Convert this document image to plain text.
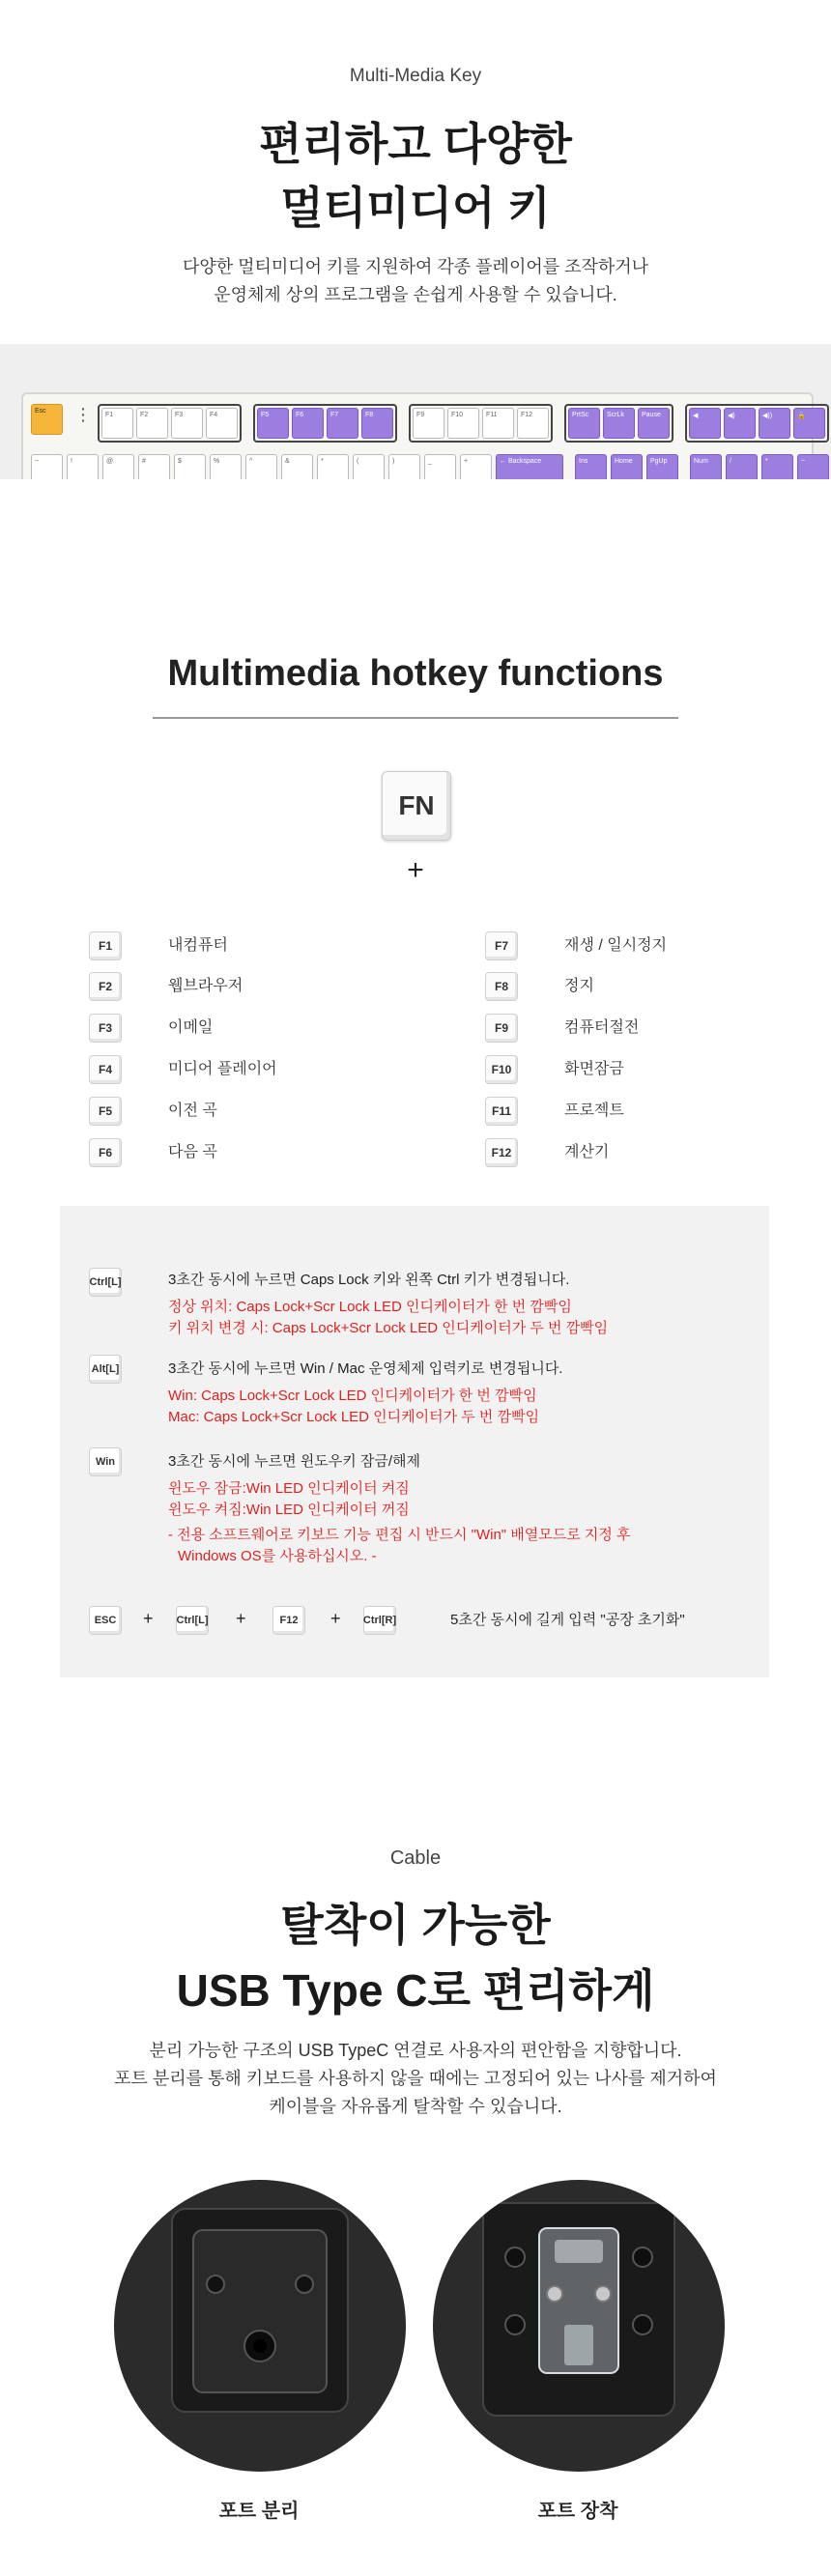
Multi-Media Key
편리하고 다양한
멀티미디어 키
다양한 멀티미디어 키를 지원하여 각종 플레이어를 조작하거나
운영체제 상의 프로그램을 손쉽게 사용할 수 있습니다.
Esc	⋮	F1	F2	F3	F4	F5	F6	F7	F8	F9	F10	F11	F12	PrtSc	ScrLk	Pause	◀	◀)	◀))	🔒
~	!	@	#	$	%	^	&	*	(	)	_	+	← Backspace	Ins	Home	PgUp	Num	/	*	−
Multimedia hotkey functions
FN
+
F1	내컴퓨터
F2	웹브라우저
F3	이메일
F4	미디어 플레이어
F5	이전 곡
F6	다음 곡
F7	재생 / 일시정지
F8	정지
F9	컴퓨터절전
F10	화면잠금
F11	프로젝트
F12	계산기
Ctrl[L]	3초간 동시에 누르면 Caps Lock 키와 왼쪽 Ctrl 키가 변경됩니다.
정상 위치: Caps Lock+Scr Lock LED 인디케이터가 한 번 깜빡임
키 위치 변경 시: Caps Lock+Scr Lock LED 인디케이터가 두 번 깜빡임
Alt[L]	3초간 동시에 누르면 Win / Mac 운영체제 입력키로 변경됩니다.
Win: Caps Lock+Scr Lock LED 인디케이터가 한 번 깜빡임
Mac: Caps Lock+Scr Lock LED 인디케이터가 두 번 깜빡임
Win	3초간 동시에 누르면 윈도우키 잠금/해제
윈도우 잠금:Win LED 인디케이터 켜짐
윈도우 켜짐:Win LED 인디케이터 꺼짐
- 전용 소프트웨어로 키보드 기능 편집 시 반드시 "Win" 배열모드로 지정 후
Windows OS를 사용하십시오. -
ESC	+ Ctrl[L] +	F12	+ Ctrl[R]	5초간 동시에 길게 입력 "공장 초기화"
Cable
탈착이 가능한
USB Type C로 편리하게
분리 가능한 구조의 USB TypeC 연결로 사용자의 편안함을 지향합니다.
포트 분리를 통해 키보드를 사용하지 않을 때에는 고정되어 있는 나사를 제거하여
케이블을 자유롭게 탈착할 수 있습니다.
포트 분리	포트 장착
